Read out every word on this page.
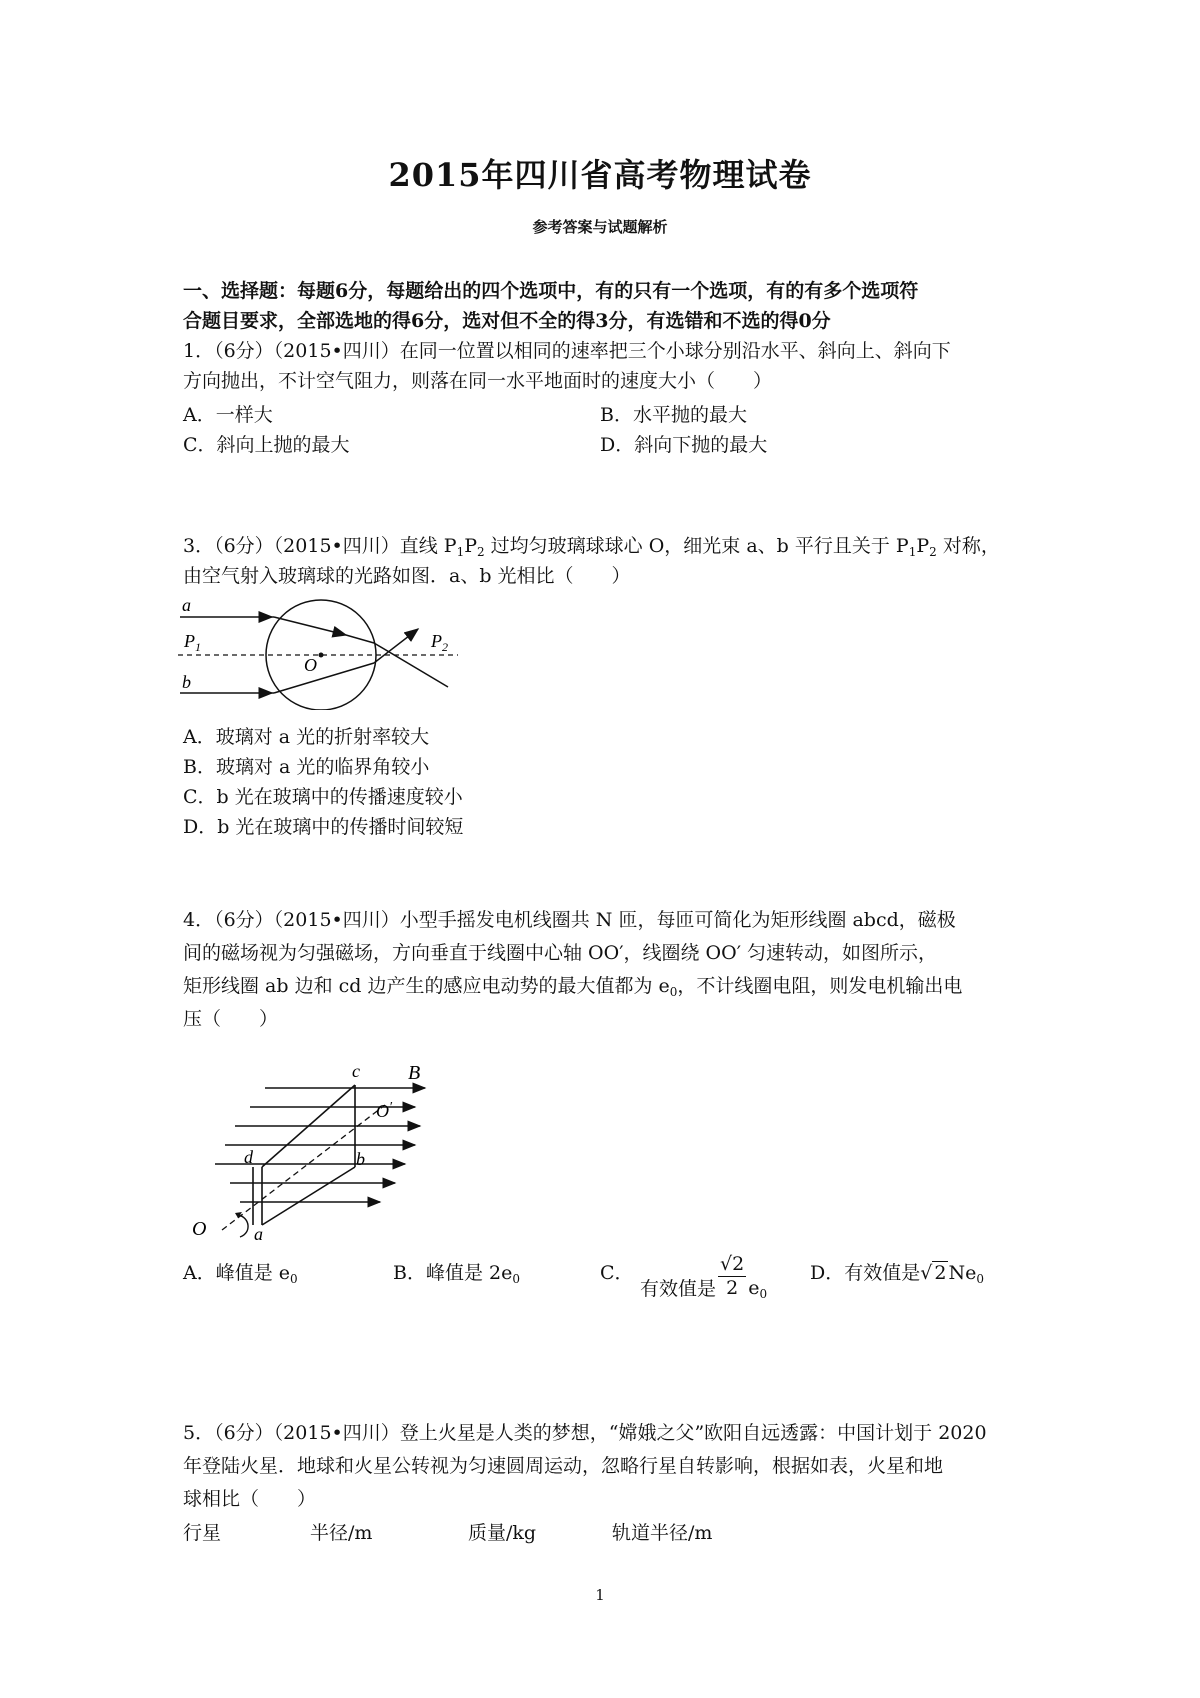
2015年四川省高考物理试卷
参考答案与试题解析
一、选择题：每题6分，每题给出的四个选项中，有的只有一个选项，有的有多个选项符
合题目要求，全部选地的得6分，选对但不全的得3分，有选错和不选的得0分
1．（6分）（2015•四川）在同一位置以相同的速率把三个小球分别沿水平、斜向上、斜向下
方向抛出，不计空气阻力，则落在同一水平地面时的速度大小（　　）
A．一样大	B．水平抛的最大
C．斜向上抛的最大	D．斜向下抛的最大
3．（6分）（2015•四川）直线 $P_1P_2$ 过均匀玻璃球球心 O，细光束 a、b 平行且关于 $P_1P_2$ 对称，
由空气射入玻璃球的光路如图．a、b 光相比（　　）
a
b
$P_1$	$P_2$
O
A．玻璃对 a 光的折射率较大
B．玻璃对 a 光的临界角较小
C．b 光在玻璃中的传播速度较小
D．b 光在玻璃中的传播时间较短
4．（6分）（2015•四川）小型手摇发电机线圈共 N 匝，每匝可简化为矩形线圈 abcd，磁极
间的磁场视为匀强磁场，方向垂直于线圈中心轴 OO′，线圈绕 OO′ 匀速转动，如图所示，
矩形线圈 ab 边和 cd 边产生的感应电动势的最大值都为 $e_0$，不计线圈电阻，则发电机输出电
压（　　）
B
c
O′
d	b
O	a
A．峰值是 $e_0$	B．峰值是 $2e_0$	C．
有效值是 $\frac{√2}{2} e_0$
D．有效值是√ 2 $Ne_0$
5．（6分）（2015•四川）登上火星是人类的梦想，“嫦娥之父”欧阳自远透露：中国计划于 2020
年登陆火星．地球和火星公转视为匀速圆周运动，忽略行星自转影响，根据如表，火星和地
球相比（　　）
行星	半径/m	质量/kg	轨道半径/m
1
